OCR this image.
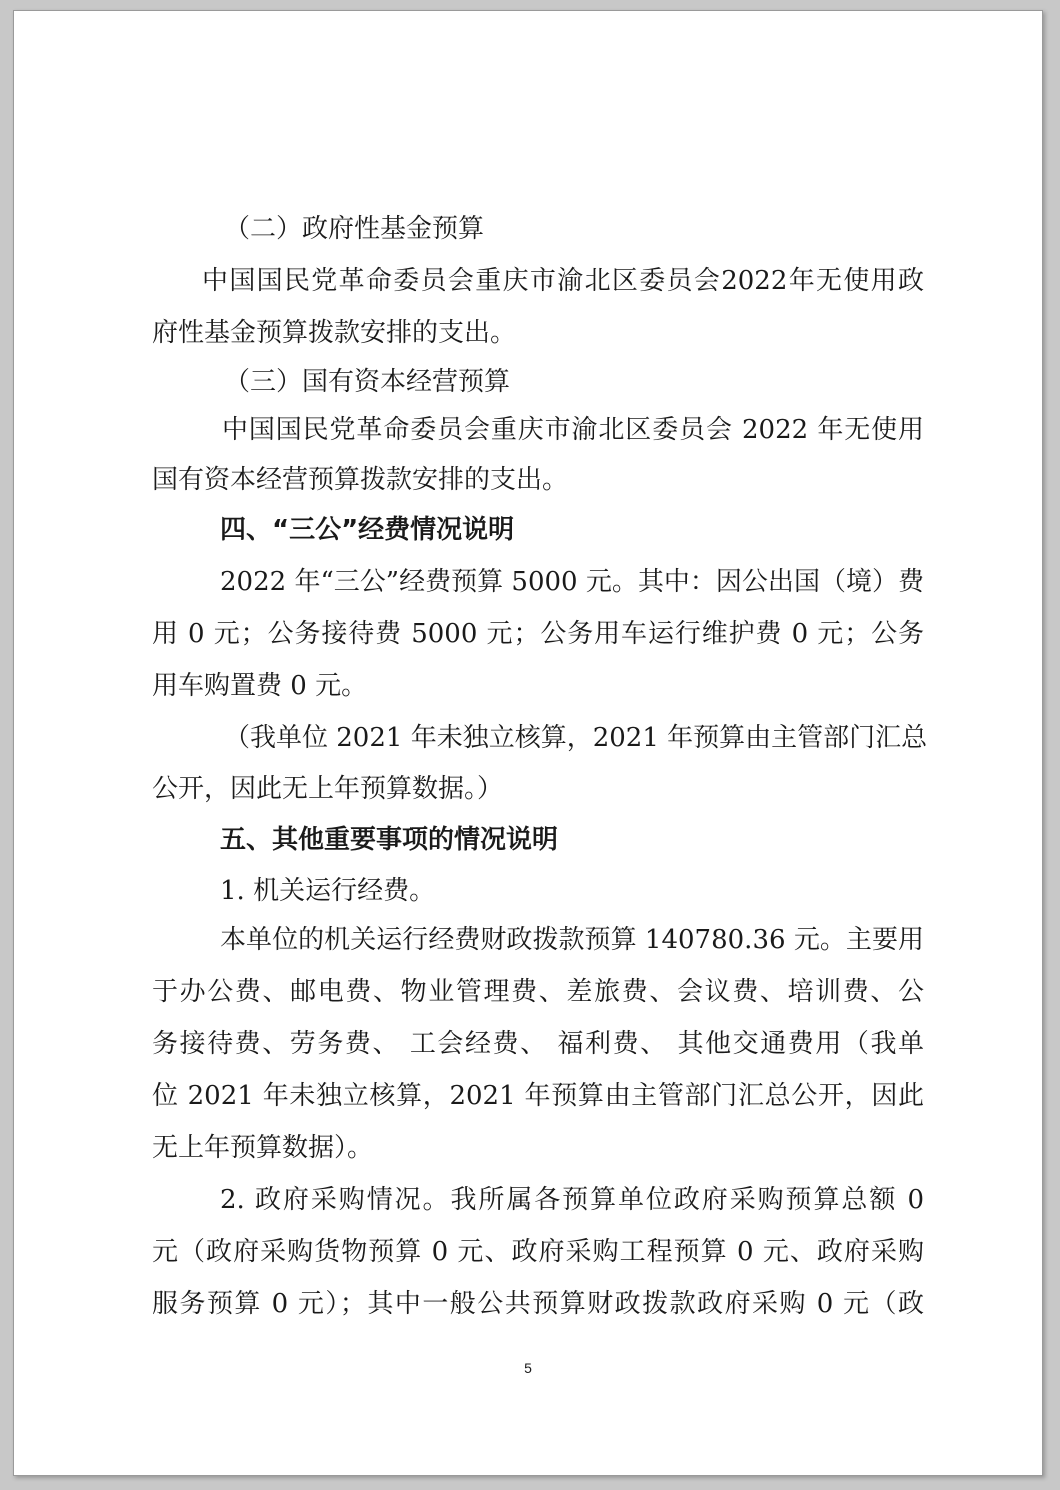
（二）政府性基金预算
中国国民党革命委员会重庆市渝北区委员会2022年无使用政
府性基金预算拨款安排的支出。
（三）国有资本经营预算
中国国民党革命委员会重庆市渝北区委员会 2022 年无使用
国有资本经营预算拨款安排的支出。
四、“三公”经费情况说明
2022 年“三公”经费预算 5000 元。其中：因公出国（境）费
用 0 元；公务接待费 5000 元；公务用车运行维护费 0 元；公务
用车购置费 0 元。
（我单位 2021 年未独立核算，2021 年预算由主管部门汇总
公开，因此无上年预算数据。）
五、其他重要事项的情况说明
1. 机关运行经费。
本单位的机关运行经费财政拨款预算 140780.36 元。主要用
于办公费、邮电费、物业管理费、差旅费、会议费、培训费、公
务接待费、劳务费、 工会经费、 福利费、 其他交通费用（我单
位 2021 年未独立核算，2021 年预算由主管部门汇总公开，因此
无上年预算数据）。
2. 政府采购情况。我所属各预算单位政府采购预算总额 0
元（政府采购货物预算 0 元、政府采购工程预算 0 元、政府采购
服务预算 0 元）；其中一般公共预算财政拨款政府采购 0 元（政
5
